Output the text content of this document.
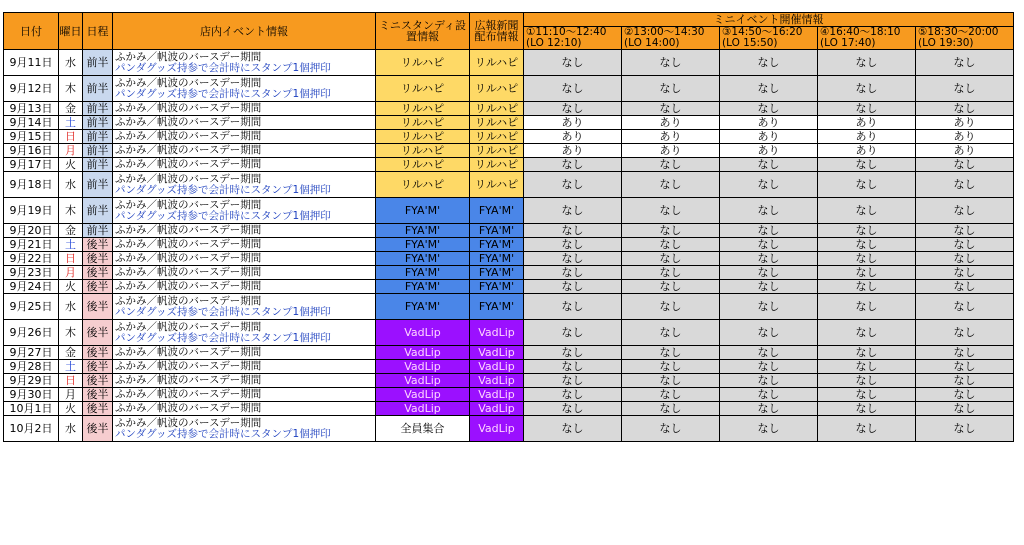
日付	曜日	日程	店内イベント情報	ミニスタンディ設
置情報	広報新聞
配布情報	ミニイベント開催情報				

						①11:10〜12:40
(LO 12:10)	②13:00〜14:30
(LO 14:00)	③14:50〜16:20
(LO 15:50)	④16:40〜18:10
(LO 17:40)	⑤18:30〜20:00
(LO 19:30)

9月11日	水	前半	ふかみ／帆波のバースデー期間
パンダグッズ持参で会計時にスタンプ1個押印	リルハピ	リルハピ	なし	なし	なし	なし	なし
9月12日	木	前半	ふかみ／帆波のバースデー期間
パンダグッズ持参で会計時にスタンプ1個押印	リルハピ	リルハピ	なし	なし	なし	なし	なし
9月13日	金	前半	ふかみ／帆波のバースデー期間	リルハピ	リルハピ	なし	なし	なし	なし	なし
9月14日	土	前半	ふかみ／帆波のバースデー期間	リルハピ	リルハピ	あり	あり	あり	あり	あり
9月15日	日	前半	ふかみ／帆波のバースデー期間	リルハピ	リルハピ	あり	あり	あり	あり	あり
9月16日	月	前半	ふかみ／帆波のバースデー期間	リルハピ	リルハピ	あり	あり	あり	あり	あり
9月17日	火	前半	ふかみ／帆波のバースデー期間	リルハピ	リルハピ	なし	なし	なし	なし	なし
9月18日	水	前半	ふかみ／帆波のバースデー期間
パンダグッズ持参で会計時にスタンプ1個押印	リルハピ	リルハピ	なし	なし	なし	なし	なし
9月19日	木	前半	ふかみ／帆波のバースデー期間
パンダグッズ持参で会計時にスタンプ1個押印	FYA'M'	FYA'M'	なし	なし	なし	なし	なし
9月20日	金	前半	ふかみ／帆波のバースデー期間	FYA'M'	FYA'M'	なし	なし	なし	なし	なし
9月21日	土	後半	ふかみ／帆波のバースデー期間	FYA'M'	FYA'M'	なし	なし	なし	なし	なし
9月22日	日	後半	ふかみ／帆波のバースデー期間	FYA'M'	FYA'M'	なし	なし	なし	なし	なし
9月23日	月	後半	ふかみ／帆波のバースデー期間	FYA'M'	FYA'M'	なし	なし	なし	なし	なし
9月24日	火	後半	ふかみ／帆波のバースデー期間	FYA'M'	FYA'M'	なし	なし	なし	なし	なし
9月25日	水	後半	ふかみ／帆波のバースデー期間
パンダグッズ持参で会計時にスタンプ1個押印	FYA'M'	FYA'M'	なし	なし	なし	なし	なし
9月26日	木	後半	ふかみ／帆波のバースデー期間
パンダグッズ持参で会計時にスタンプ1個押印	VadLip	VadLip	なし	なし	なし	なし	なし
9月27日	金	後半	ふかみ／帆波のバースデー期間	VadLip	VadLip	なし	なし	なし	なし	なし
9月28日	土	後半	ふかみ／帆波のバースデー期間	VadLip	VadLip	なし	なし	なし	なし	なし
9月29日	日	後半	ふかみ／帆波のバースデー期間	VadLip	VadLip	なし	なし	なし	なし	なし
9月30日	月	後半	ふかみ／帆波のバースデー期間	VadLip	VadLip	なし	なし	なし	なし	なし
10月1日	火	後半	ふかみ／帆波のバースデー期間	VadLip	VadLip	なし	なし	なし	なし	なし
10月2日	水	後半	ふかみ／帆波のバースデー期間
パンダグッズ持参で会計時にスタンプ1個押印	全員集合	VadLip	なし	なし	なし	なし	なし
